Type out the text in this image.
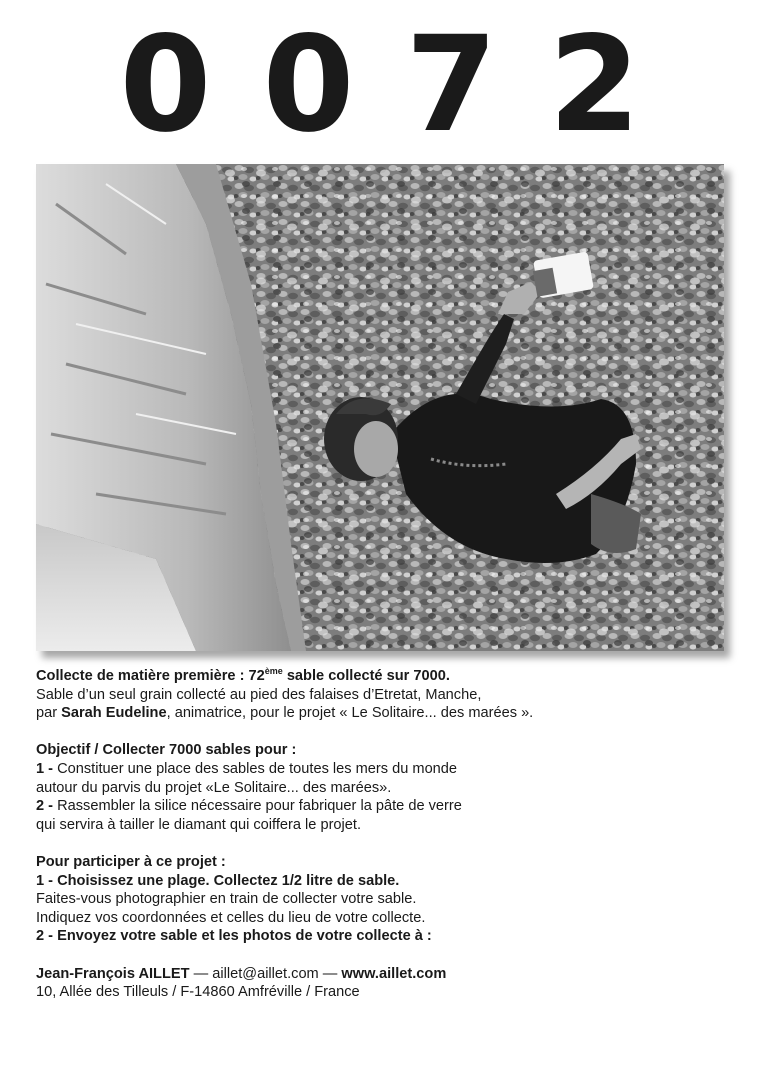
0 0 7 2

Collecte de matière première : 72ème sable collecté sur 7000.

Sable d’un seul grain collecté au pied des falaises d’Etretat, Manche,

par Sarah Eudeline, animatrice, pour le projet « Le Solitaire... des marées ».

Objectif / Collecter 7000 sables pour :

1 - Constituer une place des sables de toutes les mers du monde

autour du parvis du projet «Le Solitaire... des marées».

2 - Rassembler la silice nécessaire pour fabriquer la pâte de verre

qui servira à tailler le diamant qui coiffera le projet.

Pour participer à ce projet :

1 - Choisissez une plage. Collectez 1/2 litre de sable.

Faites-vous photographier en train de collecter votre sable.

Indiquez vos coordonnées et celles du lieu de votre collecte.

2 - Envoyez votre sable et les photos de votre collecte à :

Jean-François AILLET — aillet@aillet.com — www.aillet.com

10, Allée des Tilleuls / F-14860 Amfréville / France
